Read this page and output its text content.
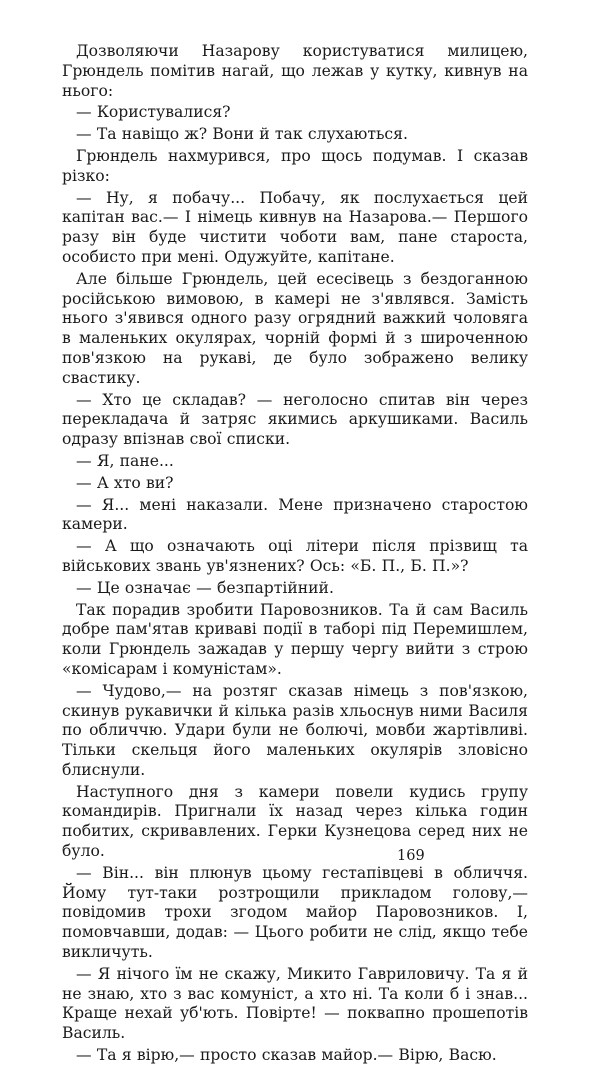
Дозволяючи Назарову користуватися милицею, Грюндель помітив нагай, що лежав у кутку, кивнув на нього:

— Користувалися?

— Та навіщо ж? Вони й так слухаються.

Грюндель нахмурився, про щось подумав. І сказав різко:

— Ну, я побачу... Побачу, як послухається цей капітан вас.— І німець кивнув на Назарова.— Першого разу він буде чистити чоботи вам, пане староста, особисто при мені. Одужуйте, капітане.

Але більше Грюндель, цей есесівець з бездоганною російською вимовою, в камері не з'являвся. Замість нього з'явився одного разу огрядний важкий чоловяга в маленьких окулярах, чорній формі й з широченною пов'язкою на рукаві, де було зображено велику свастику.

— Хто це складав? — неголосно спитав він через перекладача й затряс якимись аркушиками. Василь одразу впізнав свої списки.

— Я, пане...

— А хто ви?

— Я... мені наказали. Мене призначено старостою камери.

— А що означають оці літери після прізвищ та військових звань ув'язнених? Ось: «Б. П., Б. П.»?

— Це означає — безпартійний.

Так порадив зробити Паровозников. Та й сам Василь добре пам'ятав криваві події в таборі під Перемишлем, коли Грюндель зажадав у першу чергу вийти з строю «комісарам і комуністам».

— Чудово,— на розтяг сказав німець з пов'язкою, скинув рукавички й кілька разів хльоснув ними Василя по обличчю. Удари були не болючі, мовби жартівливі. Тільки скельця його маленьких окулярів зловісно блиснули.

Наступного дня з камери повели кудись групу командирів. Пригнали їх назад через кілька годин побитих, скривавлених. Герки Кузнецова серед них не було.

— Він... він плюнув цьому гестапівцеві в обличчя. Йому тут-таки розтрощили прикладом голову,— повідомив трохи згодом майор Паровозников. І, помовчавши, додав: — Цього робити не слід, якщо тебе викличуть.

— Я нічого їм не скажу, Микито Гавриловичу. Та я й не знаю, хто з вас комуніст, а хто ні. Та коли б і знав... Краще нехай уб'ють. Повірте! — поквапно прошепотів Василь.

— Та я вірю,— просто сказав майор.— Вірю, Васю.

169
